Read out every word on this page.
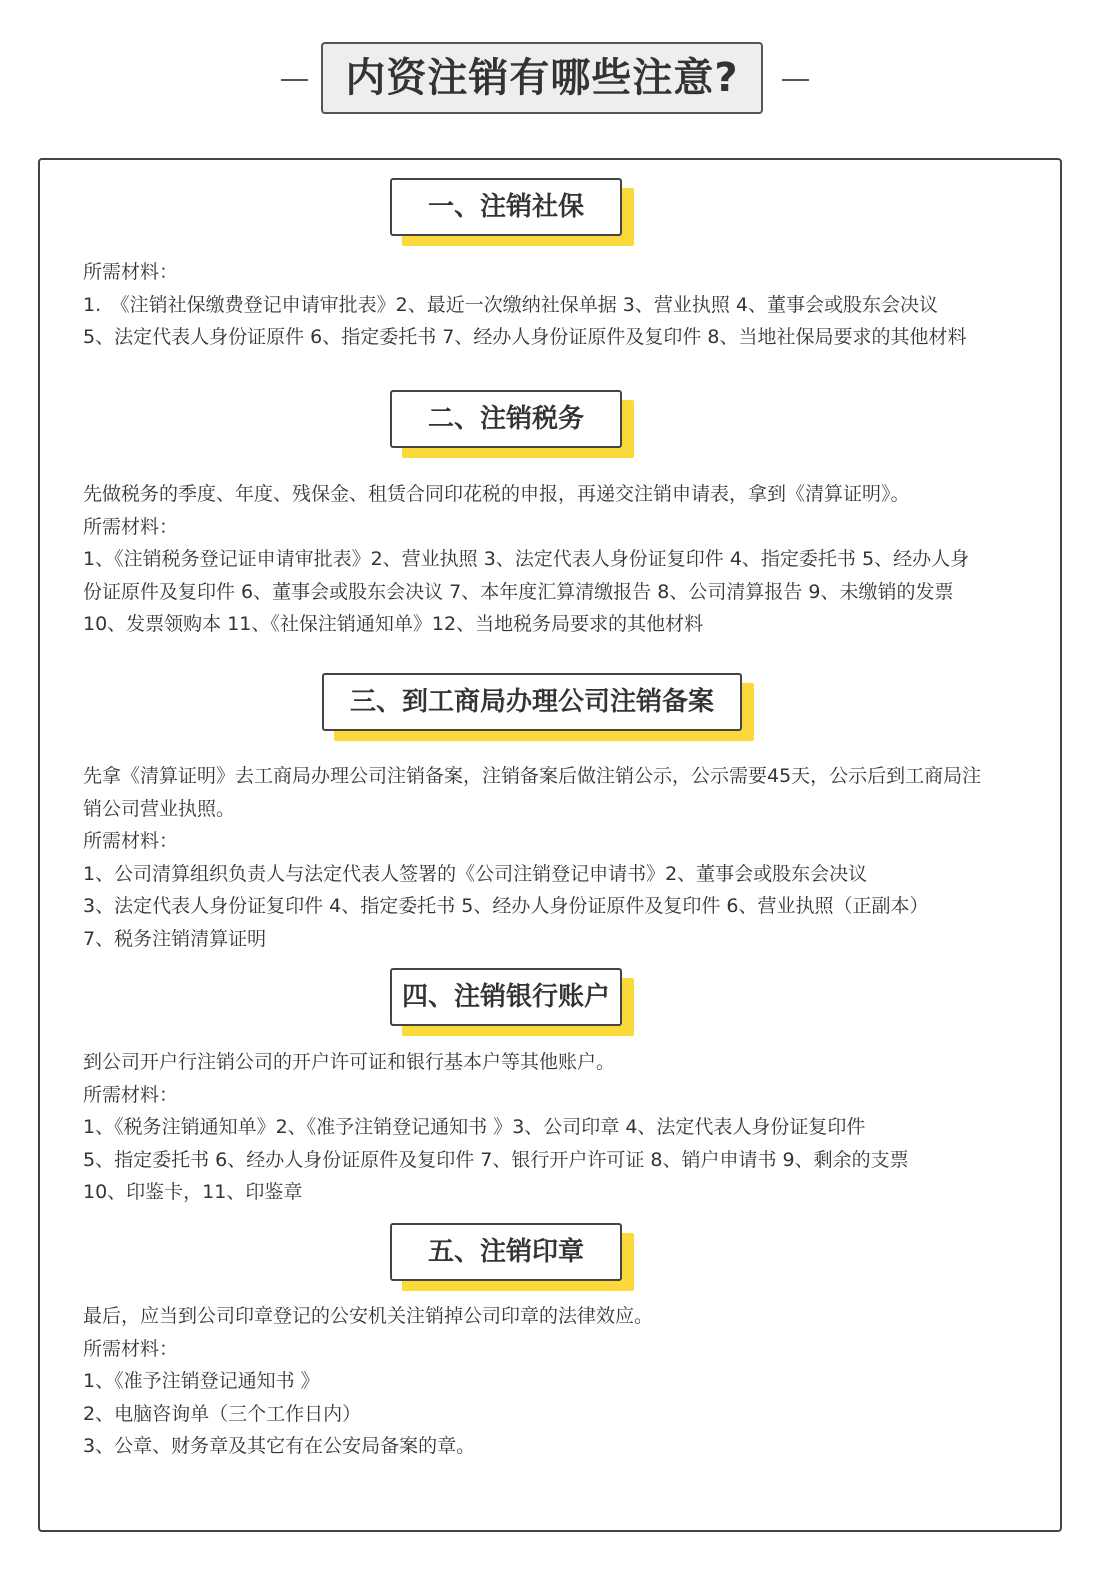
内资注销有哪些注意?
一、注销社保
所需材料：
1.　《注销社保缴费登记申请审批表》2、最近一次缴纳社保单据 3、营业执照 4、董事会或股东会决议
5、法定代表人身份证原件 6、指定委托书 7、经办人身份证原件及复印件 8、当地社保局要求的其他材料
二、注销税务
先做税务的季度、年度、残保金、租赁合同印花税的申报，再递交注销申请表，拿到《清算证明》。
所需材料：
1、《注销税务登记证申请审批表》2、营业执照 3、法定代表人身份证复印件 4、指定委托书 5、经办人身
份证原件及复印件 6、董事会或股东会决议 7、本年度汇算清缴报告 8、公司清算报告 9、未缴销的发票
10、发票领购本 11、《社保注销通知单》12、当地税务局要求的其他材料
三、到工商局办理公司注销备案
先拿《清算证明》去工商局办理公司注销备案，注销备案后做注销公示，公示需要45天，公示后到工商局注
销公司营业执照。
所需材料：
1、公司清算组织负责人与法定代表人签署的《公司注销登记申请书》2、董事会或股东会决议
3、法定代表人身份证复印件 4、指定委托书 5、经办人身份证原件及复印件 6、营业执照（正副本）
7、税务注销清算证明
四、注销银行账户
到公司开户行注销公司的开户许可证和银行基本户等其他账户。
所需材料：
1、《税务注销通知单》2、《准予注销登记通知书 》3、公司印章 4、法定代表人身份证复印件
5、指定委托书 6、经办人身份证原件及复印件 7、银行开户许可证 8、销户申请书 9、剩余的支票
10、印鉴卡，11、印鉴章
五、注销印章
最后，应当到公司印章登记的公安机关注销掉公司印章的法律效应。
所需材料：
1、《准予注销登记通知书 》
2、电脑咨询单（三个工作日内）
3、公章、财务章及其它有在公安局备案的章。
